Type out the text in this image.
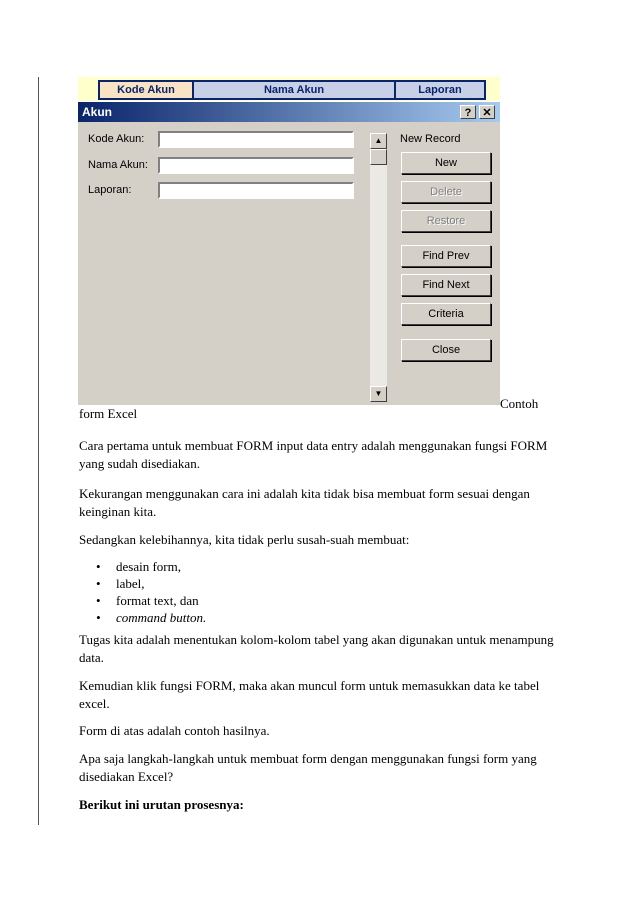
Kode Akun	Nama Akun	Laporan
Akun	?	✕
Kode Akun:
Nama Akun:
Laporan:
▲
▼
New Record
New
Delete
Restore
Find Prev
Find Next
Criteria
Close
Contoh

form Excel

Cara pertama untuk membuat FORM input data entry adalah menggunakan fungsi FORM yang sudah disediakan.

Kekurangan menggunakan cara ini adalah kita tidak bisa membuat form sesuai dengan keinginan kita.

Sedangkan kelebihannya, kita tidak perlu susah-suah membuat:

• desain form,
• label,
• format text, dan
• command button.

Tugas kita adalah menentukan kolom-kolom tabel yang akan digunakan untuk menampung data.

Kemudian klik fungsi FORM, maka akan muncul form untuk memasukkan data ke tabel excel.

Form di atas adalah contoh hasilnya.

Apa saja langkah-langkah untuk membuat form dengan menggunakan fungsi form yang disediakan Excel?

Berikut ini urutan prosesnya:
